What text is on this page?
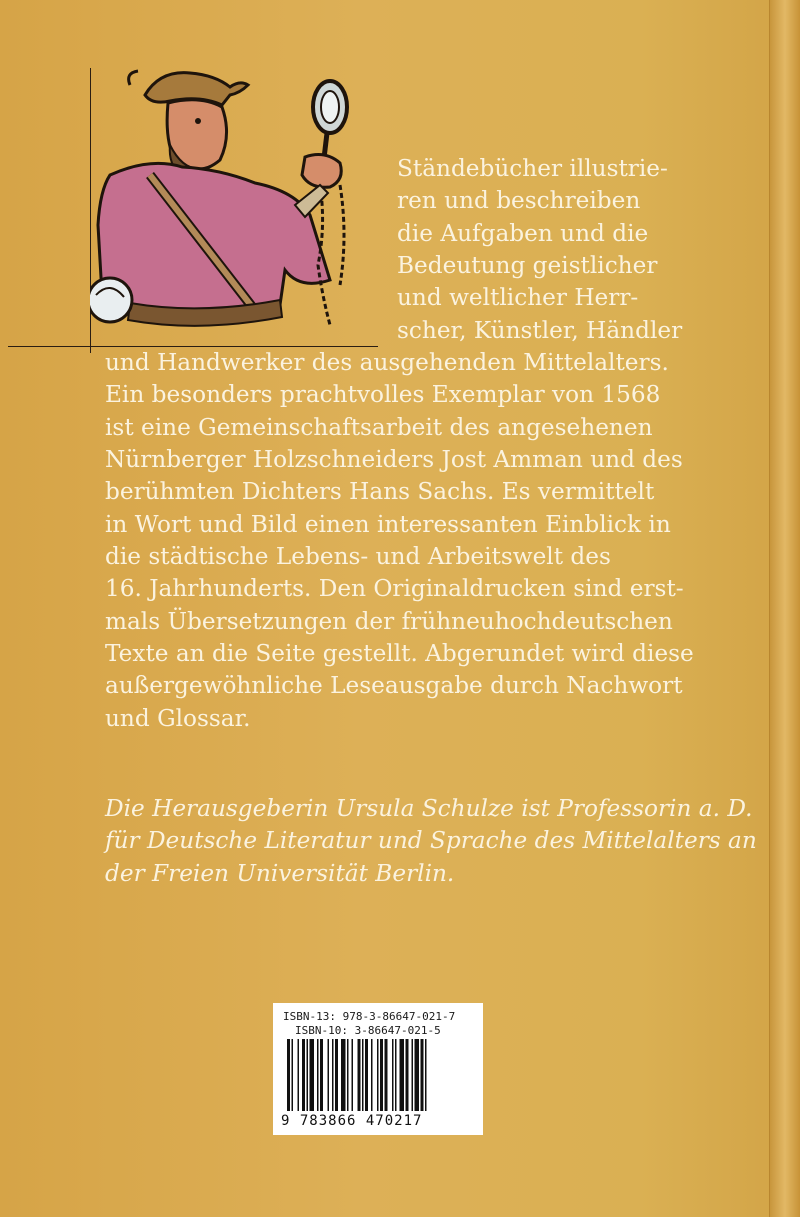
Ständebücher illustrie-
ren und beschreiben
die Aufgaben und die
Bedeutung geistlicher
und weltlicher Herr-
scher, Künstler, Händler
und Handwerker des ausgehenden Mittelalters.
Ein besonders prachtvolles Exemplar von 1568
ist eine Gemeinschaftsarbeit des angesehenen
Nürnberger Holzschneiders Jost Amman und des
berühmten Dichters Hans Sachs. Es vermittelt
in Wort und Bild einen interessanten Einblick in
die städtische Lebens- und Arbeitswelt des
16. Jahrhunderts. Den Originaldrucken sind erst-
mals Übersetzungen der frühneuhochdeutschen
Texte an die Seite gestellt. Abgerundet wird diese
außergewöhnliche Leseausgabe durch Nachwort
und Glossar.
Die Herausgeberin Ursula Schulze ist Professorin a. D.
für Deutsche Literatur und Sprache des Mittelalters an
der Freien Universität Berlin.
ISBN-13: 978-3-86647-021-7
ISBN-10: 3-86647-021-5
9 783866 470217
